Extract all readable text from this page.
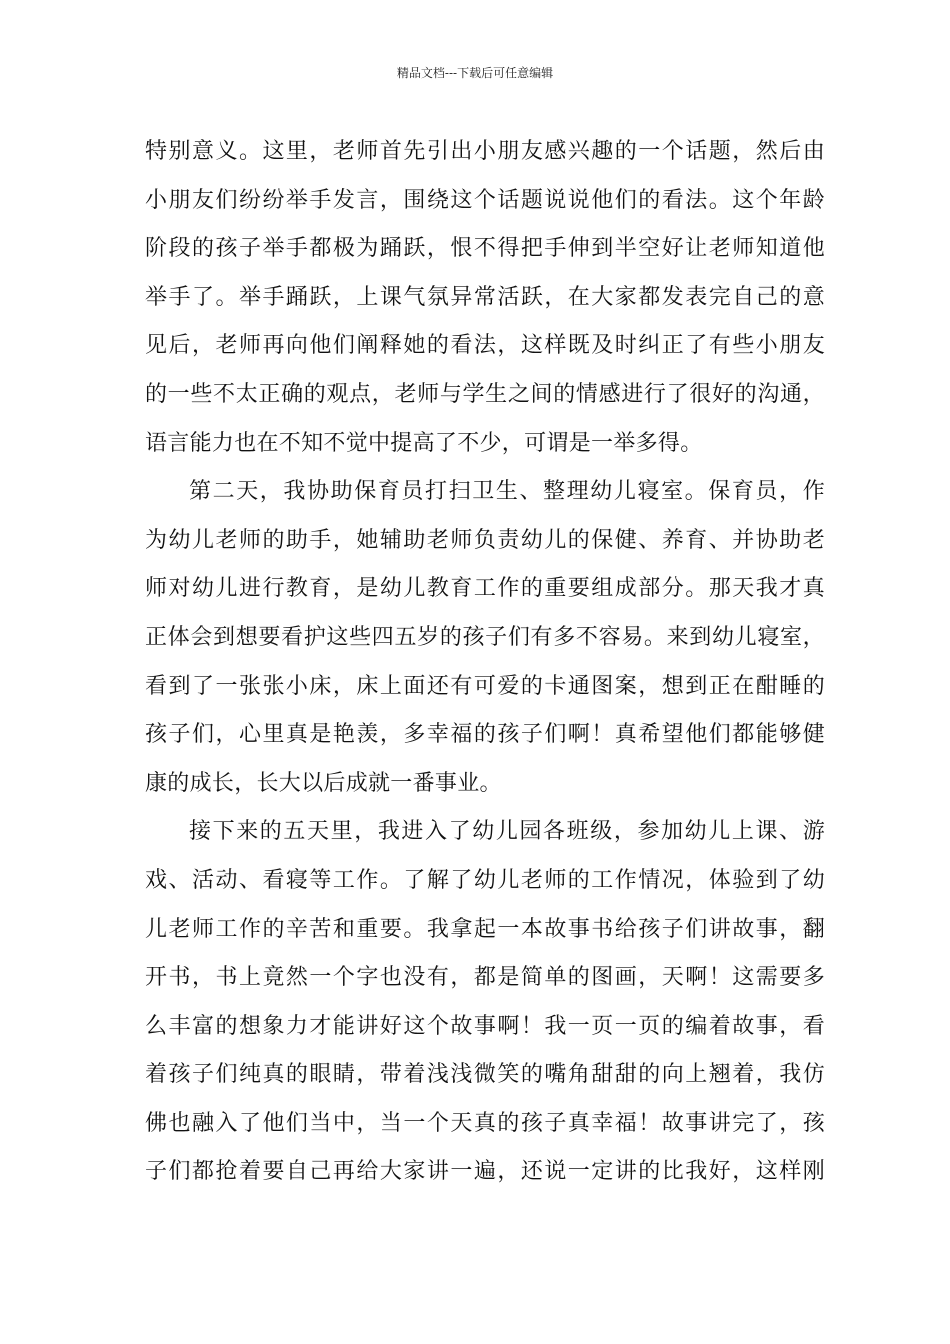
精品文档---下载后可任意编辑
特别意义。这里，老师首先引出小朋友感兴趣的一个话题，然后由
小朋友们纷纷举手发言，围绕这个话题说说他们的看法。这个年龄
阶段的孩子举手都极为踊跃，恨不得把手伸到半空好让老师知道他
举手了。举手踊跃，上课气氛异常活跃，在大家都发表完自己的意
见后，老师再向他们阐释她的看法，这样既及时纠正了有些小朋友
的一些不太正确的观点，老师与学生之间的情感进行了很好的沟通，
语言能力也在不知不觉中提高了不少，可谓是一举多得。
第二天，我协助保育员打扫卫生、整理幼儿寝室。保育员，作
为幼儿老师的助手，她辅助老师负责幼儿的保健、养育、并协助老
师对幼儿进行教育，是幼儿教育工作的重要组成部分。那天我才真
正体会到想要看护这些四五岁的孩子们有多不容易。来到幼儿寝室，
看到了一张张小床，床上面还有可爱的卡通图案，想到正在酣睡的
孩子们，心里真是艳羡，多幸福的孩子们啊！真希望他们都能够健
康的成长，长大以后成就一番事业。
接下来的五天里，我进入了幼儿园各班级，参加幼儿上课、游
戏、活动、看寝等工作。了解了幼儿老师的工作情况，体验到了幼
儿老师工作的辛苦和重要。我拿起一本故事书给孩子们讲故事，翻
开书，书上竟然一个字也没有，都是简单的图画，天啊！这需要多
么丰富的想象力才能讲好这个故事啊！我一页一页的编着故事，看
着孩子们纯真的眼睛，带着浅浅微笑的嘴角甜甜的向上翘着，我仿
佛也融入了他们当中，当一个天真的孩子真幸福！故事讲完了，孩
子们都抢着要自己再给大家讲一遍，还说一定讲的比我好，这样刚
